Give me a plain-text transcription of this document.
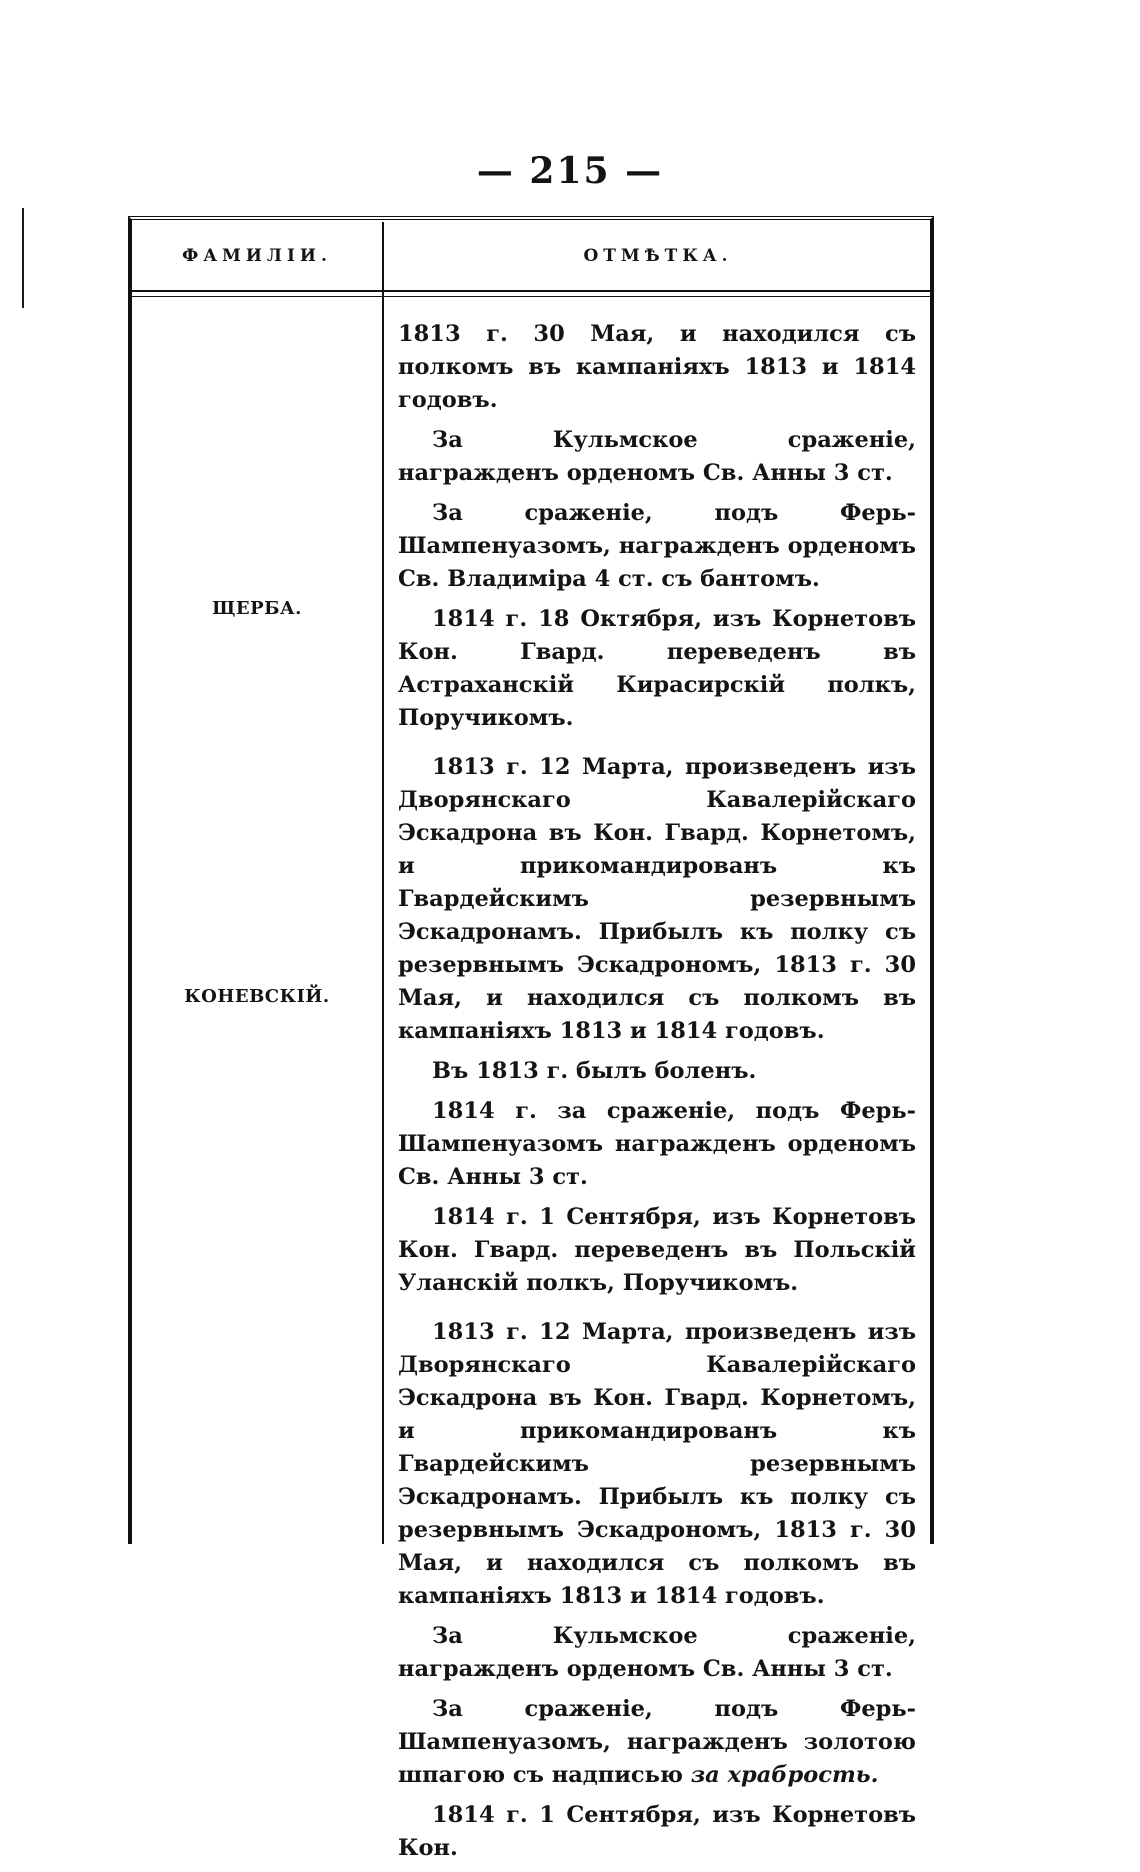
— 215 —
ФАМИЛІИ.	ОТМѢТКА.
ЩЕРБА.
КОНЕВСКІЙ.

1813 г. 30 Мая, и находился съ полкомъ въ кампаніяхъ 1813 и 1814 годовъ.

За Кульмское сраженіе, награжденъ орденомъ Св. Анны 3 ст.

За сраженіе, подъ Ферь-Шампенуазомъ, награжденъ орденомъ Св. Владиміра 4 ст. съ бантомъ.

1814 г. 18 Октября, изъ Корнетовъ Кон. Гвард. переведенъ въ Астраханскій Кирасирскій полкъ, Поручикомъ.

1813 г. 12 Марта, произведенъ изъ Дворянскаго Кавалерійскаго Эскадрона въ Кон. Гвард. Корнетомъ, и прикомандированъ къ Гвардейскимъ резервнымъ Эскадронамъ. Прибылъ къ полку съ резервнымъ Эскадрономъ, 1813 г. 30 Мая, и находился съ полкомъ въ кампаніяхъ 1813 и 1814 годовъ.

Въ 1813 г. былъ боленъ.

1814 г. за сраженіе, подъ Ферь-Шампенуазомъ награжденъ орденомъ Св. Анны 3 ст.

1814 г. 1 Сентября, изъ Корнетовъ Кон. Гвард. переведенъ въ Польскій Уланскій полкъ, Поручикомъ.

1813 г. 12 Марта, произведенъ изъ Дворянскаго Кавалерійскаго Эскадрона въ Кон. Гвард. Корнетомъ, и прикомандированъ къ Гвардейскимъ резервнымъ Эскадронамъ. Прибылъ къ полку съ резервнымъ Эскадрономъ, 1813 г. 30 Мая, и находился съ полкомъ въ кампаніяхъ 1813 и 1814 годовъ.

За Кульмское сраженіе, награжденъ орденомъ Св. Анны 3 ст.

За сраженіе, подъ Ферь-Шампенуазомъ, награжденъ золотою шпагою съ надписью за храбрость.

1814 г. 1 Сентября, изъ Корнетовъ Кон.
